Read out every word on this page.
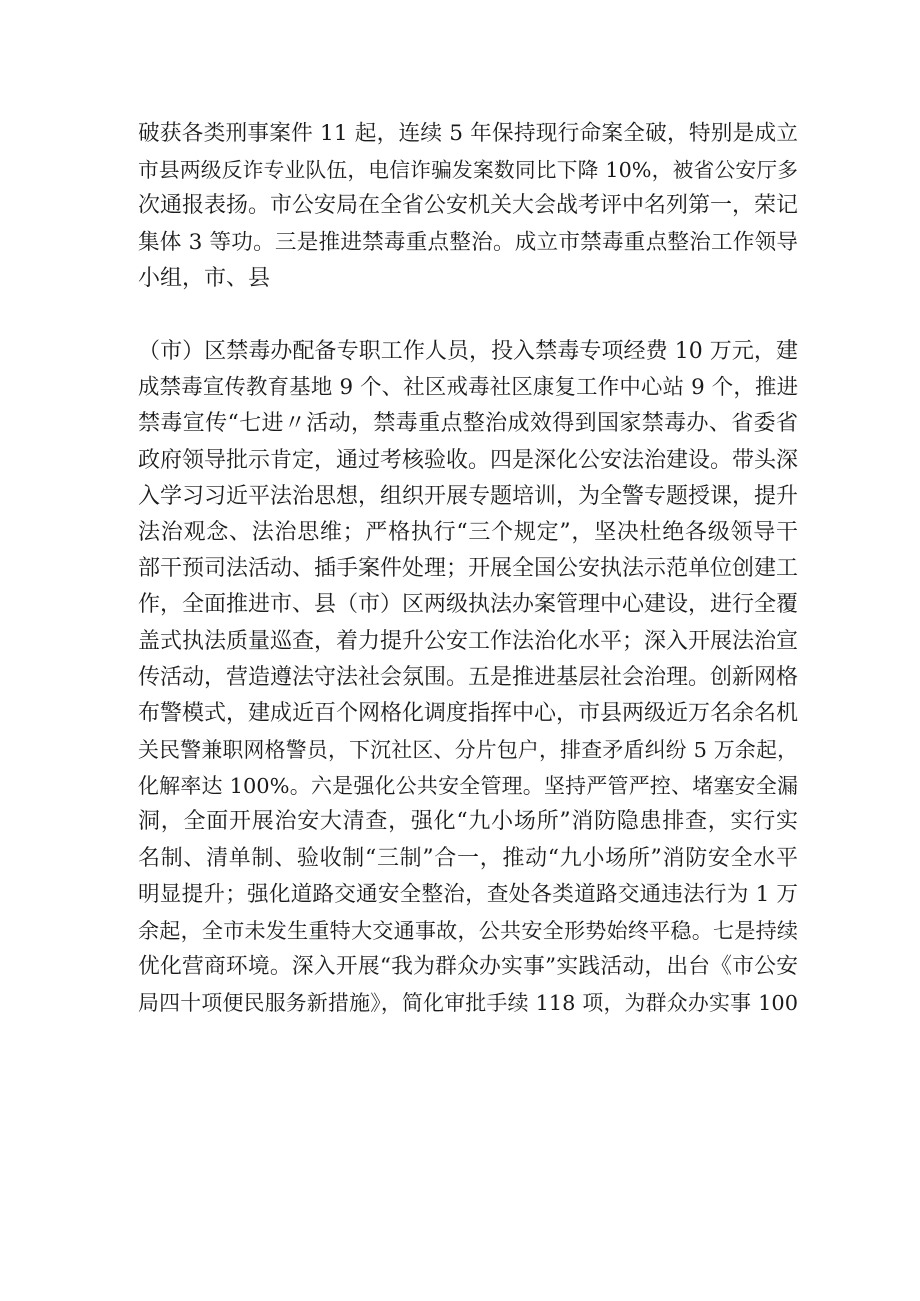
破获各类刑事案件 11 起，连续 5 年保持现行命案全破，特别是成立
市县两级反诈专业队伍，电信诈骗发案数同比下降 10%，被省公安厅多
次通报表扬。市公安局在全省公安机关大会战考评中名列第一，荣记
集体 3 等功。三是推进禁毒重点整治。成立市禁毒重点整治工作领导
小组，市、县
（市）区禁毒办配备专职工作人员，投入禁毒专项经费 10 万元，建
成禁毒宣传教育基地 9 个、社区戒毒社区康复工作中心站 9 个，推进
禁毒宣传“七进〃活动，禁毒重点整治成效得到国家禁毒办、省委省
政府领导批示肯定，通过考核验收。四是深化公安法治建设。带头深
入学习习近平法治思想，组织开展专题培训，为全警专题授课，提升
法治观念、法治思维；严格执行“三个规定”，坚决杜绝各级领导干
部干预司法活动、插手案件处理；开展全国公安执法示范单位创建工
作，全面推进市、县（市）区两级执法办案管理中心建设，进行全覆
盖式执法质量巡查，着力提升公安工作法治化水平；深入开展法治宣
传活动，营造遵法守法社会氛围。五是推进基层社会治理。创新网格
布警模式，建成近百个网格化调度指挥中心，市县两级近万名余名机
关民警兼职网格警员，下沉社区、分片包户，排查矛盾纠纷 5 万余起，
化解率达 100%。六是强化公共安全管理。坚持严管严控、堵塞安全漏
洞，全面开展治安大清查，强化“九小场所”消防隐患排查，实行实
名制、清单制、验收制“三制”合一，推动“九小场所”消防安全水平
明显提升；强化道路交通安全整治，查处各类道路交通违法行为 1 万
余起，全市未发生重特大交通事故，公共安全形势始终平稳。七是持续
优化营商环境。深入开展“我为群众办实事”实践活动，出台《市公安
局四十项便民服务新措施》，简化审批手续 118 项，为群众办实事 100
